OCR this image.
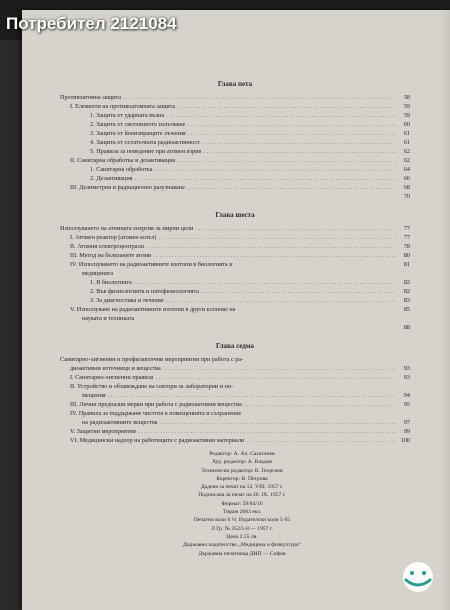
Потребител 2121084
Глава пета
Противоатомна защита . . .	58
I. Елементи на противоатомната защита . . .	59
1. Защита от ударната вълна . . .	59
2. Защита от светлинното излъчване . . .	60
3. Защита от йонизиращите лъчения . . .	61
4. Защита от остатъчната радиоактивност . . .	61
5. Правила за поведение при атомен взрив . . .	62
II. Санитарна обработка и дезактивация . . .	62
1. Санитарна обработка . . .	64
2. Дезактивация . . .	66
III. Дозиметрия и радиационно разузнаване . . .	68
70
Глава шеста
Използуването на атомната енергия за мирни цели . . .	77
I. Атомен реактор (атомен котел) . . .	77
II. Атомни електроцентрали . . .	78
III. Метод на белязаните атоми . . .	80
IV. Използуването на радиоактивните изотопи в биологията и	81
медицината
1. В биологията . . .	82
2. Във физиологията и патофизиологията . . .	82
3. За диагностика и лечение . . .	83
V. Използуване на радиоактивните изотопи в други клонове на	85
науката и техниката
88
Глава седма
Санитарно-хигиенни и профилактични мероприятия при работа с ра-
диоактивни източници и вещества . . .	93
I. Санитарно-хигиенни правила . . .	93
II. Устройство и обзавеждане на сектори за лабораторни и по-
мещения . . .	94
III. Лични предпазни мерки при работа с радиоактивни вещества . . .	95
IV. Правила за поддържане чистота в помещенията и съхранение
на радиоактивните вещества . . .	97
V. Защитни мероприятия . . .	99
VI. Медицински надзор на работещите с радиоактивни материали . . .	100
Редактор: А. Ал. Сахатчиев
Худ. редактор: А. Владов
Технически редактор: К. Георгиев
Коректор: В. Петрова
Дадена за печат на 12. VIII. 1957 г.
Подписана за печат на 26. IX. 1957 г.
Формат: 59/84/16
Тираж 2063 екз.
Печатни коли 6 ½; Издателски коли 5·65
Л Гр. № 352/1-8 — 1957 г.
Цена 2.55 лв.
Държавно издателство „Медицина и физкултура“
Държавна печатница ДИП — София
